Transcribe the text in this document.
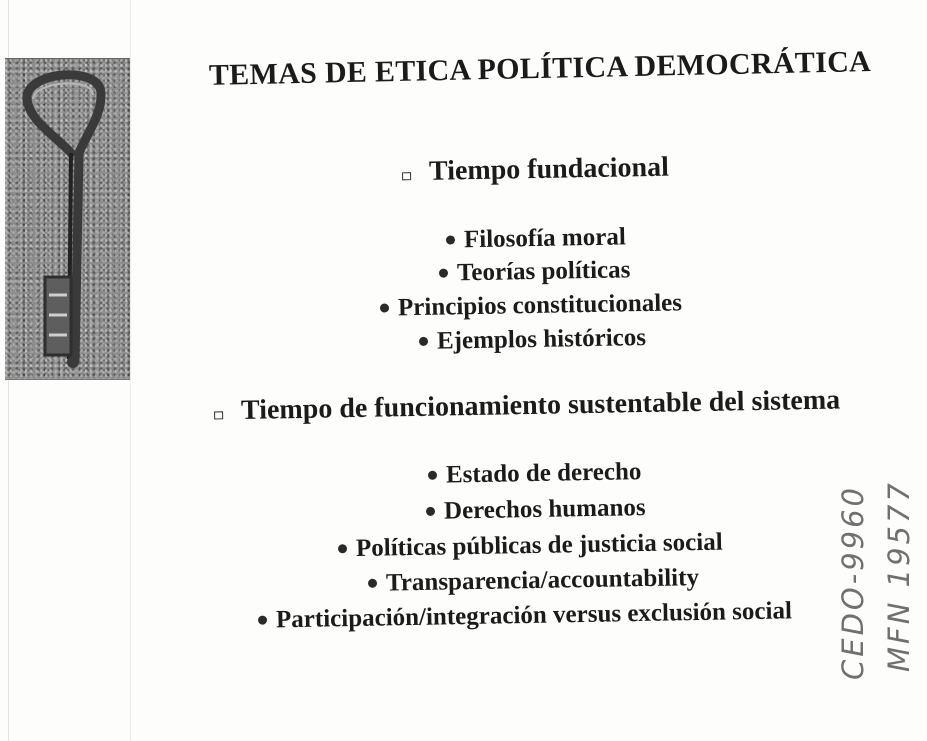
TEMAS DE ETICA POLÍTICA DEMOCRÁTICA
Tiempo fundacional
Filosofía moral
Teorías políticas
Principios constitucionales
Ejemplos históricos
Tiempo de funcionamiento sustentable del sistema
Estado de derecho
Derechos humanos
Políticas públicas de justicia social
Transparencia/accountability
Participación/integración versus exclusión social CEDO-9960 MFN 19577
